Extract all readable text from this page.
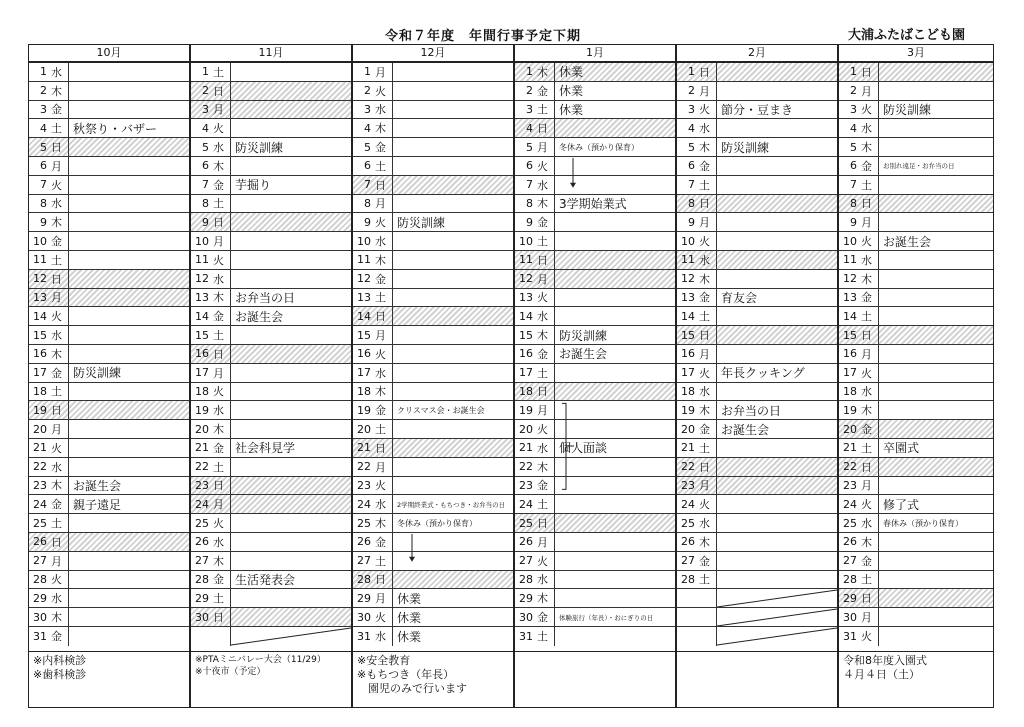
令和７年度　年間行事予定下期	大浦ふたばこども園
10月
1 水
2 木
3 金
4 土 秋祭り・バザー
5 日
6 月
7 火
8 水
9 木
10 金
11 土
12 日
13 月
14 火
15 水
16 木
17 金 防災訓練
18 土
19 日
20 月
21 火
22 水
23 木 お誕生会
24 金 親子遠足
25 土
26 日
27 月
28 火
29 水
30 木
31 金
※内科検診
※歯科検診
11月
1 土
2 日
3 月
4 火
5 水 防災訓練
6 木
7 金 芋掘り
8 土
9 日
10 月
11 火
12 水
13 木 お弁当の日
14 金 お誕生会
15 土
16 日
17 月
18 火
19 水
20 木
21 金 社会科見学
22 土
23 日
24 月
25 火
26 水
27 木
28 金 生活発表会
29 土
30 日
※PTAミニバレー大会（11/29）
※十夜市（予定）
12月
1 月
2 火
3 水
4 木
5 金
6 土
7 日
8 月
9 火 防災訓練
10 水
11 木
12 金
13 土
14 日
15 月
16 火
17 水
18 木
19 金	クリスマス会・お誕生会
20 土
21 日
22 月
23 火
24 水	2学期終業式・もちつき・お弁当の日
25 木	冬休み（預かり保育）
26 金
27 土
28 日
29 月 休業
30 火 休業
31 水 休業
※安全教育
※もちつき（年長）
　園児のみで行います
1月
1 木 休業
2 金 休業
3 土 休業
4 日
5 月	冬休み（預かり保育）
6 火
7 水
8 木 3学期始業式
9 金
10 土
11 日
12 月
13 火
14 水
15 木 防災訓練
16 金 お誕生会
17 土
18 日
19 月
20 火
21 水 個人面談
22 木
23 金
24 土
25 日
26 月
27 火
28 水
29 木
30 金	体験旅行（年長）・おにぎりの日
31 土
2月
1 日
2 月
3 火 節分・豆まき
4 水
5 木 防災訓練
6 金
7 土
8 日
9 月
10 火
11 水
12 木
13 金 育友会
14 土
15 日
16 月
17 火 年長クッキング
18 水
19 木 お弁当の日
20 金 お誕生会
21 土
22 日
23 月
24 火
25 水
26 木
27 金
28 土
3月
1 日
2 月
3 火 防災訓練
4 水
5 木
6 金	お別れ遠足・お弁当の日
7 土
8 日
9 月
10 火 お誕生会
11 水
12 木
13 金
14 土
15 日
16 月
17 火
18 水
19 木
20 金
21 土 卒園式
22 日
23 月
24 火 修了式
25 水	春休み（預かり保育）
26 木
27 金
28 土
29 日
30 月
31 火
令和8年度入園式
４月４日（土）
